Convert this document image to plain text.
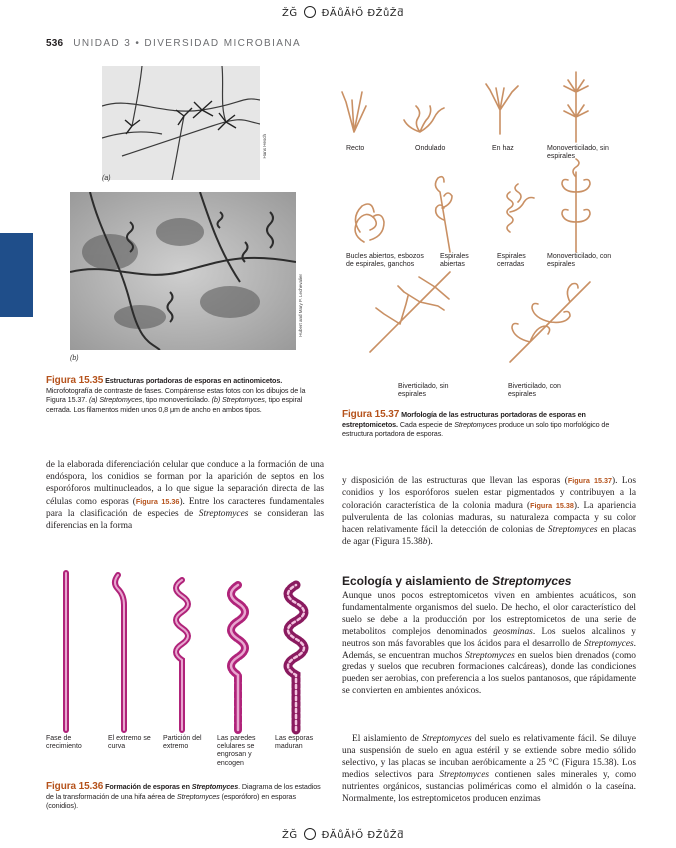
ŽĞ ĐĂůĂŀŐ ĐŽůŽƌ
536 UNIDAD 3 • DIVERSIDAD MICROBIANA
Hans Hesch
(a)
Hubert and Mary P. Lechevalier
(b)
Figura 15.35 Estructuras portadoras de esporas en actinomicetos. Microfotografía de contraste de fases. Compárense estas fotos con los dibujos de la Figura 15.37. (a) Streptomyces, tipo monoverticilado. (b) Streptomyces, tipo espiral cerrada. Los filamentos miden unos 0,8 μm de ancho en ambos tipos.
Recto	Ondulado	En haz	Monoverticilado, sin espirales
Bucles abiertos, esbozos de espirales, ganchos
Espirales abiertas
Espirales cerradas
Monoverticilado, con espirales
Biverticilado, sin espirales
Biverticilado, con espirales
Figura 15.37 Morfología de las estructuras portadoras de esporas en estreptomicetos. Cada especie de Streptomyces produce un solo tipo morfológico de estructura portadora de esporas.
de la elaborada diferenciación celular que conduce a la formación de una endóspora, los conidios se forman por la aparición de septos en los esporóforos multinucleados, a lo que sigue la separación directa de las células como esporas (Figura 15.36). Entre los caracteres fundamentales para la clasificación de especies de Streptomyces se consideran las diferencias en la forma
Fase de crecimiento
El extremo se curva
Partición del extremo
Las paredes celulares se engrosan y encogen
Las esporas maduran
Figura 15.36 Formación de esporas en Streptomyces. Diagrama de los estadios de la transformación de una hifa aérea de Streptomyces (esporóforo) en esporas (conidios).
y disposición de las estructuras que llevan las esporas (Figura 15.37). Los conidios y los esporóforos suelen estar pigmentados y contribuyen a la coloración característica de la colonia madura (Figura 15.38). La apariencia pulverulenta de las colonias maduras, su naturaleza compacta y su color hacen relativamente fácil la detección de colonias de Streptomyces en placas de agar (Figura 15.38b).
Ecología y aislamiento de Streptomyces
Aunque unos pocos estreptomicetos viven en ambientes acuáticos, son fundamentalmente organismos del suelo. De hecho, el olor característico del suelo se debe a la producción por los estreptomicetos de una serie de metabolitos complejos denominados geosminas. Los suelos alcalinos y neutros son más favorables que los ácidos para el desarrollo de Streptomyces. Además, se encuentran muchos Streptomyces en suelos bien drenados (como gredas y suelos que recubren formaciones calcáreas), donde las condiciones pueden ser aerobias, con preferencia a los suelos pantanosos, que rápidamente se convierten en ambientes anóxicos.
El aislamiento de Streptomyces del suelo es relativamente fácil. Se diluye una suspensión de suelo en agua estéril y se extiende sobre medio sólido selectivo, y las placas se incuban aeróbicamente a 25 °C (Figura 15.38). Los medios selectivos para Streptomyces contienen sales minerales y, como nutrientes orgánicos, sustancias poliméricas como el almidón o la caseína. Normalmente, los estreptomicetos producen enzimas
ŽĞ ĐĂůĂŀŐ ĐŽůŽƌ
